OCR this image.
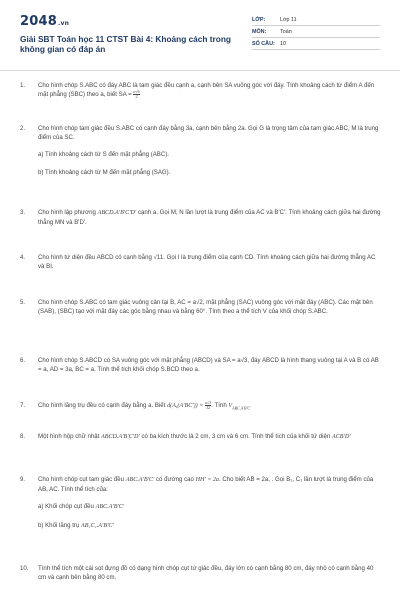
2048.vn
Giải SBT Toán học 11 CTST Bài 4: Khoảng cách trong
không gian có đáp án
LỚP:	Lớp 11
MÔN:	Toán
SỐ CÂU: 10
1. Cho hình chóp S.ABC có đáy ABC là tam giác đều cạnh a, cạnh bên SA vuông góc với đáy. Tính khoảng cách từ điểm A đến mặt phẳng (SBC) theo a, biết SA = $\frac{a√6}{2}$
2. Cho hình chóp tam giác đều S.ABC có cạnh đáy bằng 3a, cạnh bên bằng 2a. Gọi G là trọng tâm của tam giác ABC, M là trung điểm của SC.
a) Tính khoảng cách từ S đến mặt phẳng (ABC).
b) Tính khoảng cách từ M đến mặt phẳng (SAG).
3. Cho hình lập phương ABCD.A′B′C′D′ cạnh a. Gọi M, N lần lượt là trung điểm của AC và B′C′. Tính khoảng cách giữa hai đường thẳng MN và B′D′.
4. Cho hình tứ diện đều ABCD có cạnh bằng √11. Gọi I là trung điểm của cạnh CD. Tính khoảng cách giữa hai đường thẳng AC và BI.
5. Cho hình chóp S.ABC có tam giác vuông cân tại B, AC = a√2, mặt phẳng (SAC) vuông góc với mặt đáy (ABC). Các mặt bên (SAB), (SBC) tạo với mặt đáy các góc bằng nhau và bằng 60°. Tính theo a thể tích V của khối chóp S.ABC.
6. Cho hình chóp S.ABCD có SA vuông góc với mặt phẳng (ABCD) và SA = a√3, đáy ABCD là hình thang vuông tại A và B có AB = a, AD = 3a, BC = a. Tính thể tích khối chóp S.BCD theo a.
7. Cho hình lăng trụ đều có cạnh đáy bằng a. Biết $d(A,(A'BC')) = \frac{a√3}{12}$ . Tính $V_{ABC.A'B'C'}$
8. Một hình hộp chữ nhật ABCD.A′B′C′D′ có ba kích thước là 2 cm, 3 cm và 6 cm. Tính thể tích của khối tứ diện ACB′D′
9. Cho hình chóp cụt tam giác đều ABC.A′B′C′ có đường cao HH′ = 2a. Cho biết AB = 2a, . Gọi B₁, C₁ lần lượt là trung điểm của AB, AC. Tính thể tích của:
a) Khối chóp cụt đều ABC.A′B′C′
b) Khối lăng trụ AB₁C₁.A′B′C′
10. Tính thể tích một cái sọt đựng đồ có dạng hình chóp cụt tứ giác đều, đáy lớn có cạnh bằng 80 cm, đáy nhỏ có cạnh bằng 40 cm và cạnh bên bằng 80 cm.
